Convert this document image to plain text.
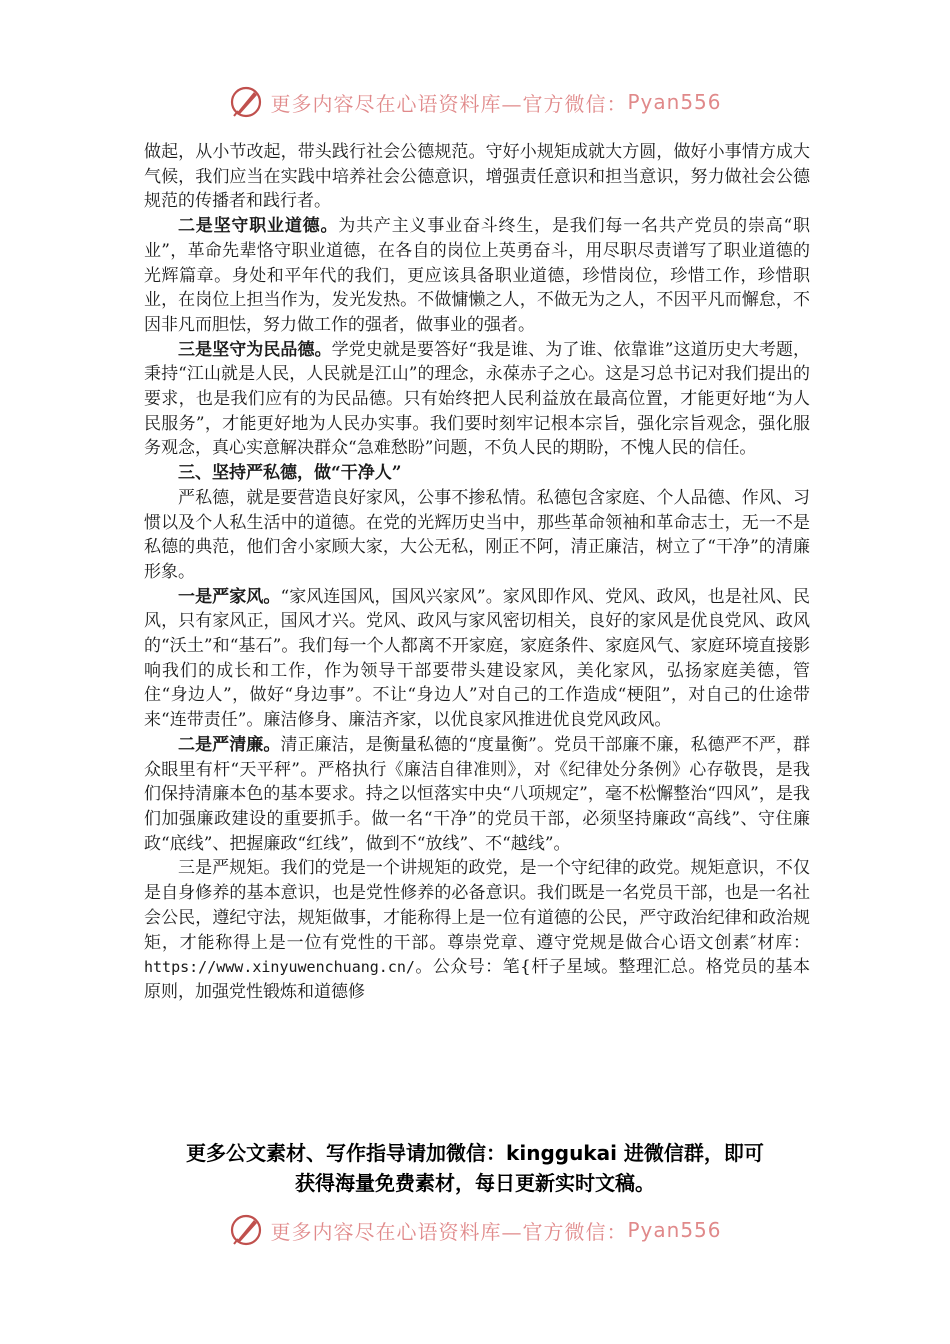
更多内容尽在心语资料库—官方微信： Pyan556

做起，从小节改起，带头践行社会公德规范。守好小规矩成就大方圆，做好小事情方成大气候，我们应当在实践中培养社会公德意识，增强责任意识和担当意识，努力做社会公德规范的传播者和践行者。

二是坚守职业道德。为共产主义事业奋斗终生，是我们每一名共产党员的崇高“职业”，革命先辈恪守职业道德，在各自的岗位上英勇奋斗，用尽职尽责谱写了职业道德的光辉篇章。身处和平年代的我们，更应该具备职业道德，珍惜岗位，珍惜工作，珍惜职业，在岗位上担当作为，发光发热。不做慵懒之人，不做无为之人，不因平凡而懈怠，不因非凡而胆怯，努力做工作的强者，做事业的强者。

三是坚守为民品德。学党史就是要答好“我是谁、为了谁、依靠谁”这道历史大考题，秉持“江山就是人民，人民就是江山”的理念，永葆赤子之心。这是习总书记对我们提出的要求，也是我们应有的为民品德。只有始终把人民利益放在最高位置，才能更好地“为人民服务”，才能更好地为人民办实事。我们要时刻牢记根本宗旨，强化宗旨观念，强化服务观念，真心实意解决群众“急难愁盼”问题，不负人民的期盼，不愧人民的信任。

三、坚持严私德，做“干净人”

严私德，就是要营造良好家风，公事不掺私情。私德包含家庭、个人品德、作风、习惯以及个人私生活中的道德。在党的光辉历史当中，那些革命领袖和革命志士，无一不是私德的典范，他们舍小家顾大家，大公无私，刚正不阿，清正廉洁，树立了“干净”的清廉形象。

一是严家风。“家风连国风，国风兴家风”。家风即作风、党风、政风，也是社风、民风，只有家风正，国风才兴。党风、政风与家风密切相关，良好的家风是优良党风、政风的“沃土”和“基石”。我们每一个人都离不开家庭，家庭条件、家庭风气、家庭环境直接影响我们的成长和工作，作为领导干部要带头建设家风，美化家风，弘扬家庭美德，管住“身边人”，做好“身边事”。不让“身边人”对自己的工作造成“梗阻”，对自己的仕途带来“连带责任”。廉洁修身、廉洁齐家，以优良家风推进优良党风政风。

二是严清廉。清正廉洁，是衡量私德的“度量衡”。党员干部廉不廉，私德严不严，群众眼里有杆“天平秤”。严格执行《廉洁自律准则》，对《纪律处分条例》心存敬畏，是我们保持清廉本色的基本要求。持之以恒落实中央“八项规定”，毫不松懈整治“四风”，是我们加强廉政建设的重要抓手。做一名“干净”的党员干部，必须坚持廉政“高线”、守住廉政“底线”、把握廉政“红线”，做到不“放线”、不“越线”。

三是严规矩。我们的党是一个讲规矩的政党，是一个守纪律的政党。规矩意识，不仅是自身修养的基本意识，也是党性修养的必备意识。我们既是一名党员干部，也是一名社会公民，遵纪守法，规矩做事，才能称得上是一位有道德的公民，严守政治纪律和政治规矩，才能称得上是一位有党性的干部。尊崇党章、遵守党规是做合心语文创素″材库：https://www.xinyuwenchuang.cn/。公众号：笔{杆子星域。整理汇总。格党员的基本原则，加强党性锻炼和道德修

更多公文素材、写作指导请加微信：kinggukai 进微信群，即可
获得海量免费素材，每日更新实时文稿。
更多内容尽在心语资料库—官方微信： Pyan556
